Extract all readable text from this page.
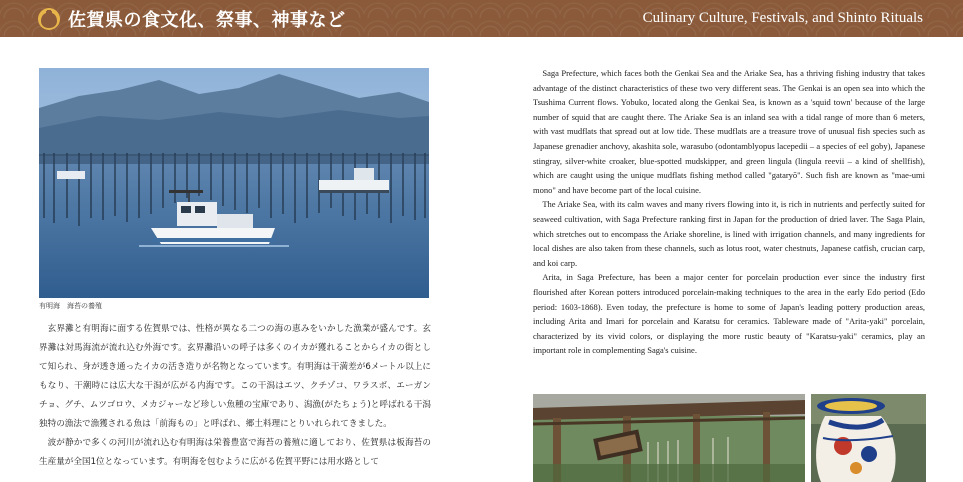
佐賀県の食文化、祭事、神事など	Culinary Culture, Festivals, and Shinto Rituals
有明海　海苔の養殖

玄界灘と有明海に面する佐賀県では、性格が異なる二つの海の恵みをいかした漁業が盛んです。玄界灘は対馬海流が流れ込む外海です。玄界灘沿いの呼子は多くのイカが獲れることからイカの街として知られ、身が透き通ったイカの活き造りが名物となっています。有明海は干満差が6メートル以上にもなり、干潮時には広大な干潟が広がる内海です。この干潟はエツ、クチゾコ、ワラスボ、エーガンチョ、グチ、ムツゴロウ、メカジャーなど珍しい魚種の宝庫であり、潟漁(がたちょう)と呼ばれる干潟独特の漁法で漁獲される魚は「前海もの」と呼ばれ、郷土料理にとりいれられてきました。

波が静かで多くの河川が流れ込む有明海は栄養豊富で海苔の養殖に適しており、佐賀県は板海苔の生産量が全国1位となっています。有明海を包むように広がる佐賀平野には用水路として

Saga Prefecture, which faces both the Genkai Sea and the Ariake Sea, has a thriving fishing industry that takes advantage of the distinct characteristics of these two very different seas. The Genkai is an open sea into which the Tsushima Current flows. Yobuko, located along the Genkai Sea, is known as a 'squid town' because of the large number of squid that are caught there. The Ariake Sea is an inland sea with a tidal range of more than 6 meters, with vast mudflats that spread out at low tide. These mudflats are a treasure trove of unusual fish species such as Japanese grenadier anchovy, akashita sole, warasubo (odontamblyopus lacepedii – a species of eel goby), Japanese stingray, silver-white croaker, blue-spotted mudskipper, and green lingula (lingula reevii – a kind of shellfish), which are caught using the unique mudflats fishing method called "gataryō". Such fish are known as "mae-umi mono" and have become part of the local cuisine.

The Ariake Sea, with its calm waves and many rivers flowing into it, is rich in nutrients and perfectly suited for seaweed cultivation, with Saga Prefecture ranking first in Japan for the production of dried laver. The Saga Plain, which stretches out to encompass the Ariake shoreline, is lined with irrigation channels, and many ingredients for local dishes are also taken from these channels, such as lotus root, water chestnuts, Japanese catfish, crucian carp, and koi carp.

Arita, in Saga Prefecture, has been a major center for porcelain production ever since the industry first flourished after Korean potters introduced porcelain-making techniques to the area in the early Edo period (Edo period: 1603-1868). Even today, the prefecture is home to some of Japan's leading pottery production areas, including Arita and Imari for porcelain and Karatsu for ceramics. Tableware made of "Arita-yaki" porcelain, characterized by its vivid colors, or displaying the more rustic beauty of "Karatsu-yaki" ceramics, play an important role in complementing Saga's cuisine.
